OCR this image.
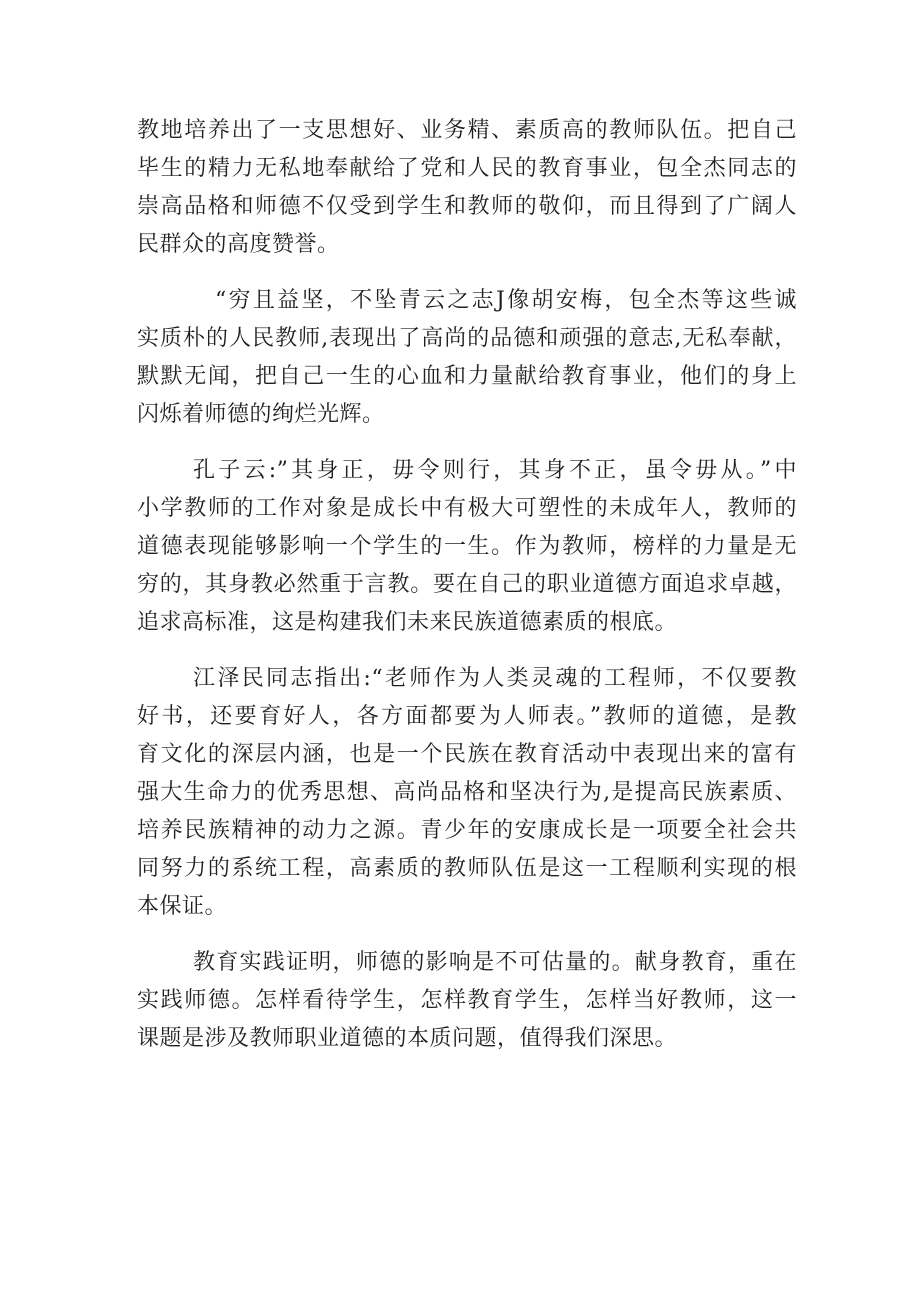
教地培养出了一支思想好、业务精、素质高的教师队伍。把自己
毕生的精力无私地奉献给了党和人民的教育事业，包全杰同志的
崇高品格和师德不仅受到学生和教师的敬仰，而且得到了广阔人
民群众的高度赞誉。

“穷且益坚，不坠青云之志J像胡安梅，包全杰等这些诚
实质朴的人民教师,表现出了高尚的品德和顽强的意志,无私奉献，
默默无闻，把自己一生的心血和力量献给教育事业，他们的身上
闪烁着师德的绚烂光辉。

孔子云:”其身正，毋令则行，其身不正，虽令毋从。”中
小学教师的工作对象是成长中有极大可塑性的未成年人，教师的
道德表现能够影响一个学生的一生。作为教师，榜样的力量是无
穷的，其身教必然重于言教。要在自己的职业道德方面追求卓越，
追求高标准，这是构建我们未来民族道德素质的根底。

江泽民同志指出:“老师作为人类灵魂的工程师，不仅要教
好书，还要育好人，各方面都要为人师表。”教师的道德，是教
育文化的深层内涵，也是一个民族在教育活动中表现出来的富有
强大生命力的优秀思想、高尚品格和坚决行为,是提高民族素质、
培养民族精神的动力之源。青少年的安康成长是一项要全社会共
同努力的系统工程，高素质的教师队伍是这一工程顺利实现的根
本保证。

教育实践证明，师德的影响是不可估量的。献身教育，重在
实践师德。怎样看待学生，怎样教育学生，怎样当好教师，这一
课题是涉及教师职业道德的本质问题，值得我们深思。
